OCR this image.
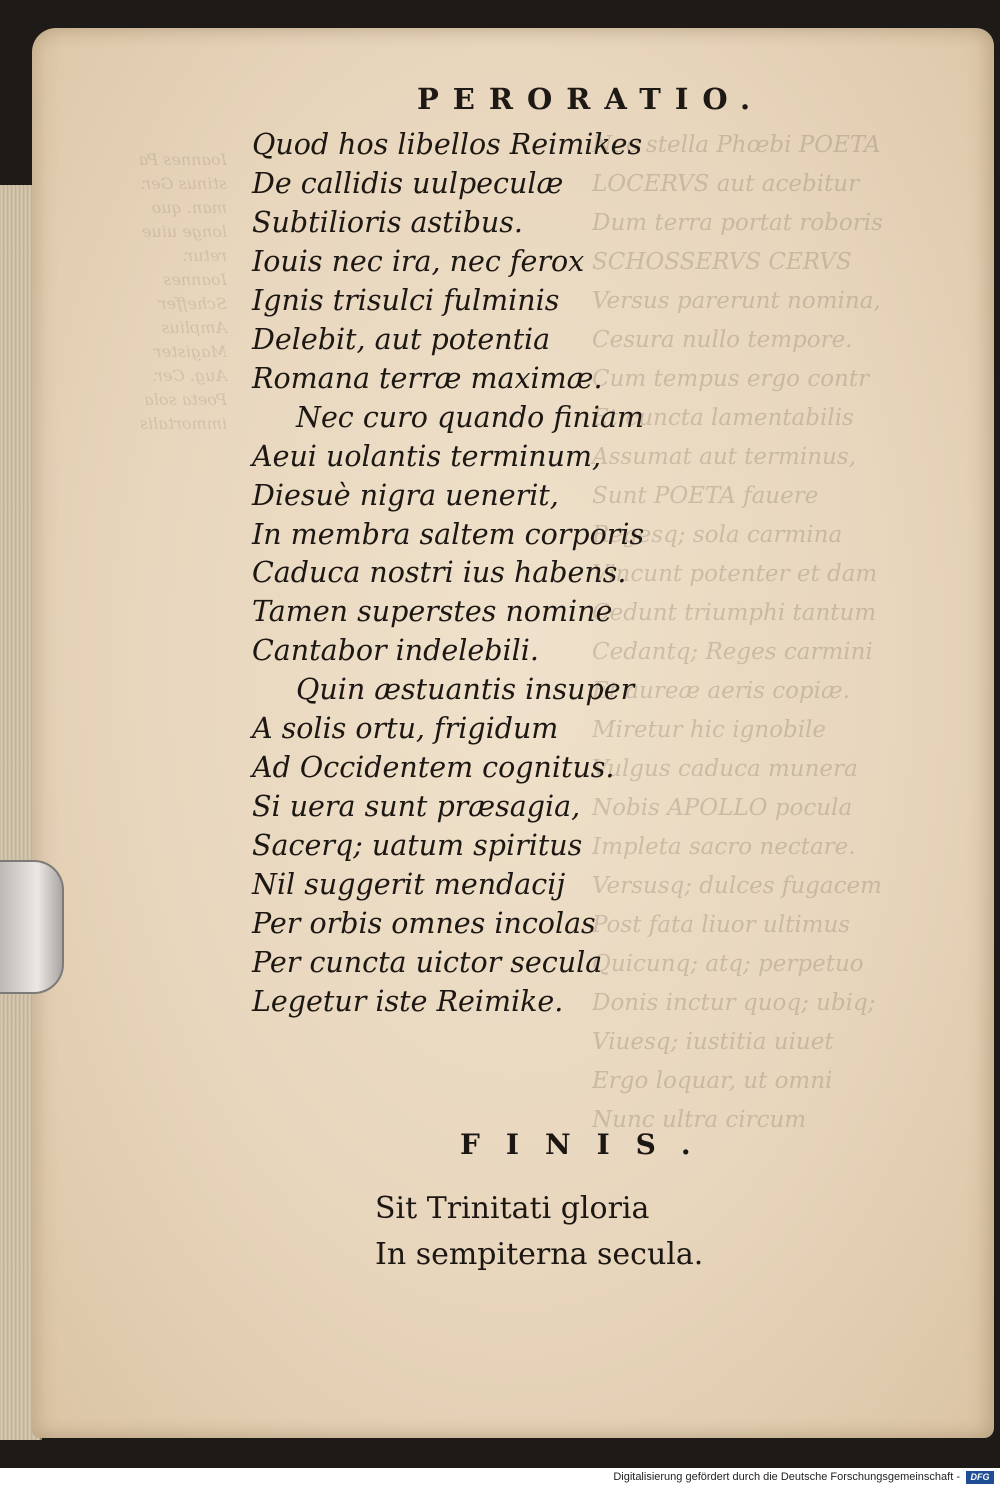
Nec stella Phœbi POETA
LOCERVS aut acebitur
Dum terra portat roboris
SCHOSSERVS CERVS
Versus parerunt nomina,
Cesura nullo tempore.
Cum tempus ergo contr
Et cuncta lamentabilis
Assumat aut terminus,
Sunt POETA fauere
Regesq; sola carmina
Vincunt potenter et dam
Cedunt triumphi tantum
Cedantq; Reges carmini
Et aureæ aeris copiæ.
Miretur hic ignobile
Vulgus caduca munera
Nobis APOLLO pocula
Impleta sacro nectare.
Versusq; dulces fugacem
Post fata liuor ultimus
Quicunq; atq; perpetuo
Donis inctur quoq; ubiq;
Viuesq; iustitia uiuet
Ergo loquar, ut omni
Nunc ultra circum
Ioannes Pa
stinus Ger.
man. quo
longe uiue
retur.
Ioannes
Scheffer
Amplius
Magister
Aug. Cer.
Poeta sola
immortalis
PERORATIO.
Quod hos libellos Reimikes
De callidis uulpeculæ
Subtilioris astibus.
Iouis nec ira, nec ferox
Ignis trisulci fulminis
Delebit, aut potentia
Romana terræ maximæ.
Nec curo quando finiam
Aeui uolantis terminum,
Diesuè nigra uenerit,
In membra saltem corporis
Caduca nostri ius habens.
Tamen superstes nomine
Cantabor indelebili.
Quin æstuantis insuper
A solis ortu, frigidum
Ad Occidentem cognitus.
Si uera sunt præsagia,
Sacerq; uatum spiritus
Nil suggerit mendacij
Per orbis omnes incolas
Per cuncta uictor secula
Legetur iste Reimike.
FINIS.
Sit Trinitati gloria
In sempiterna secula.
Digitalisierung gefördert durch die Deutsche Forschungsgemeinschaft -	DFG
